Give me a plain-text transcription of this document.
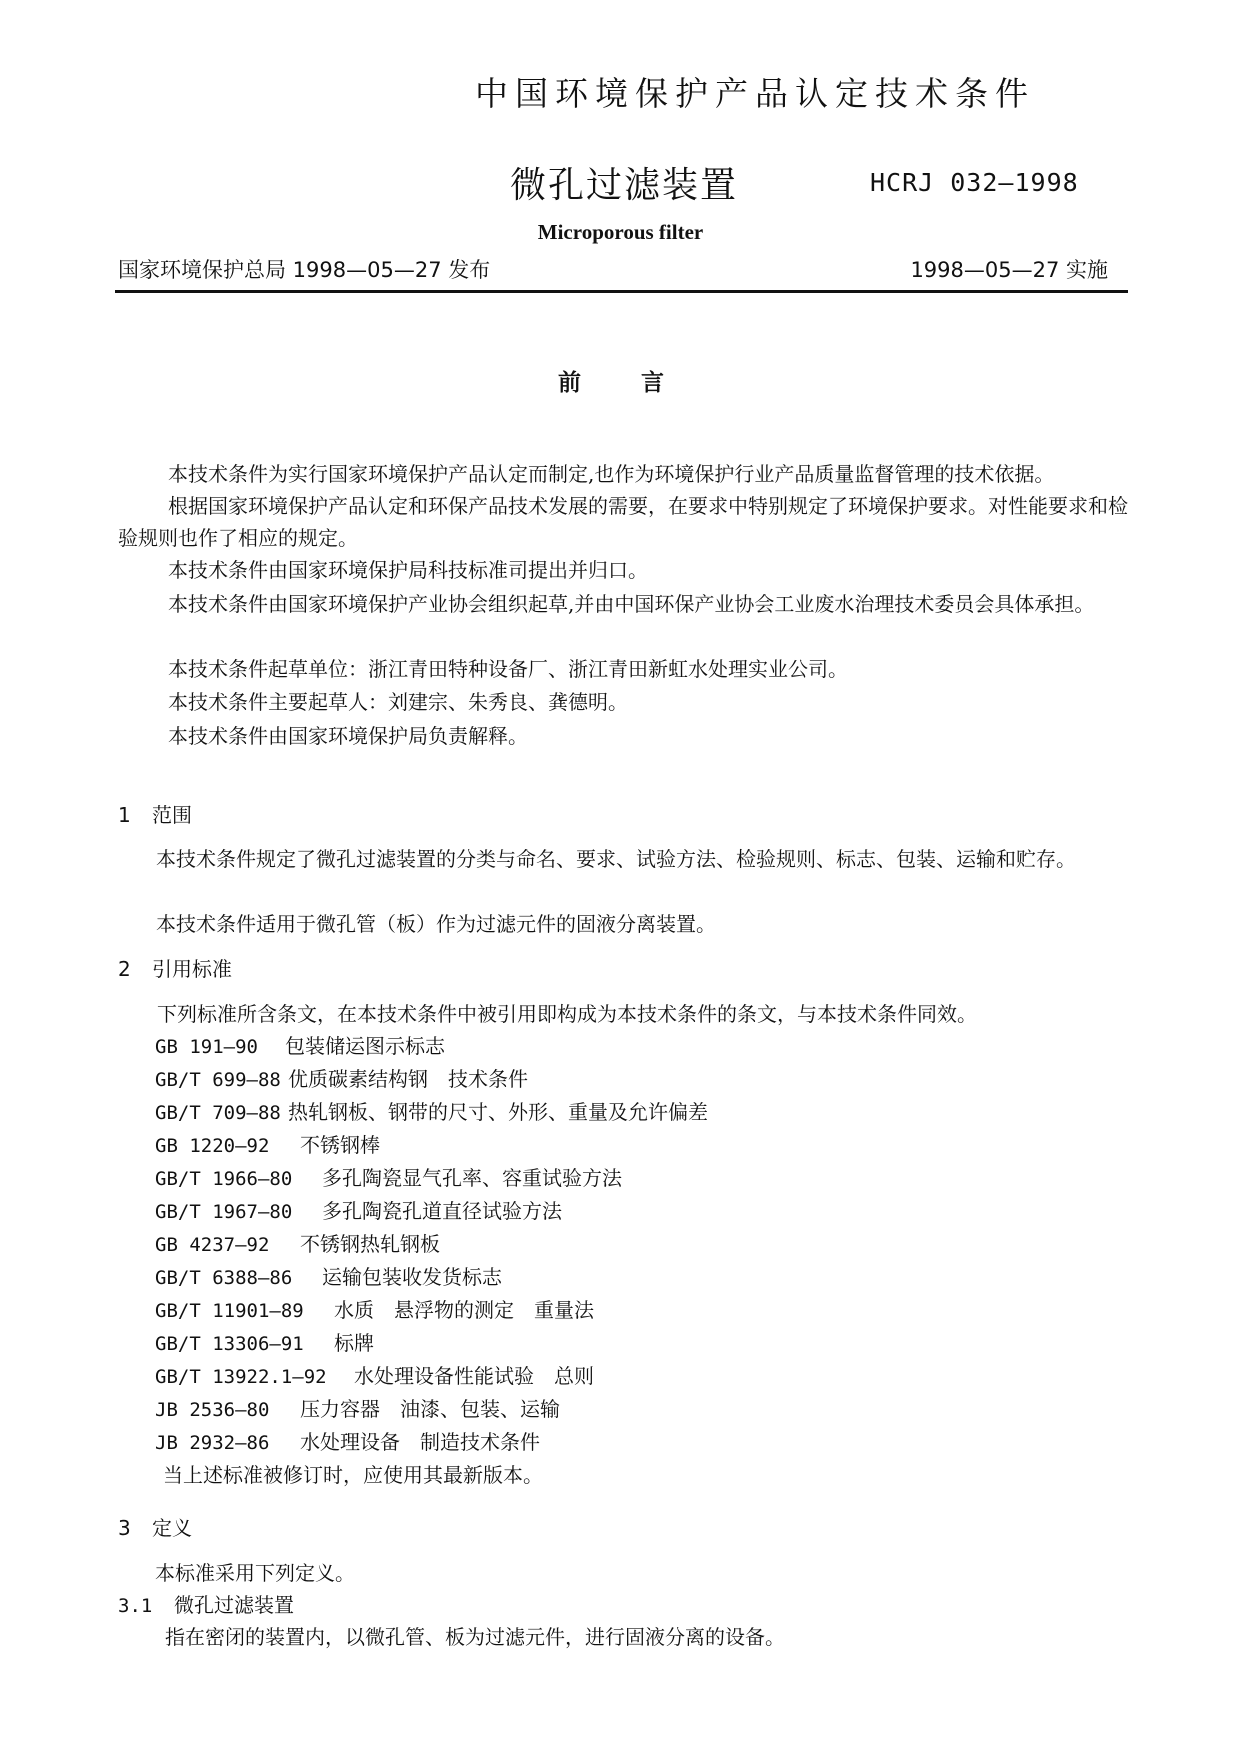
中国环境保护产品认定技术条件
微孔过滤装置	HCRJ 032—1998
Microporous filter
国家环境保护总局 1998—05—27 发布	1998—05—27 实施
前言

本技术条件为实行国家环境保护产品认定而制定,也作为环境保护行业产品质量监督管理的技术依据。

根据国家环境保护产品认定和环保产品技术发展的需要，在要求中特别规定了环境保护要求。对性能要求和检验规则也作了相应的规定。

本技术条件由国家环境保护局科技标准司提出并归口。

本技术条件由国家环境保护产业协会组织起草,并由中国环保产业协会工业废水治理技术委员会具体承担。

本技术条件起草单位：浙江青田特种设备厂、浙江青田新虹水处理实业公司。

本技术条件主要起草人：刘建宗、朱秀良、龚德明。

本技术条件由国家环境保护局负责解释。

1 范围

本技术条件规定了微孔过滤装置的分类与命名、要求、试验方法、检验规则、标志、包装、运输和贮存。

本技术条件适用于微孔管（板）作为过滤元件的固液分离装置。

2 引用标准
下列标准所含条文，在本技术条件中被引用即构成为本技术条件的条文，与本技术条件同效。
GB 191—90 包装储运图示标志
GB/T 699—88 优质碳素结构钢　技术条件
GB/T 709—88 热轧钢板、钢带的尺寸、外形、重量及允许偏差
GB 1220—92 不锈钢棒
GB/T 1966—80 多孔陶瓷显气孔率、容重试验方法
GB/T 1967—80 多孔陶瓷孔道直径试验方法
GB 4237—92 不锈钢热轧钢板
GB/T 6388—86 运输包装收发货标志
GB/T 11901—89 水质　悬浮物的测定　重量法
GB/T 13306—91 标牌
GB/T 13922.1—92 水处理设备性能试验　总则
JB 2536—80 压力容器　油漆、包装、运输
JB 2932—86 水处理设备　制造技术条件
当上述标准被修订时，应使用其最新版本。
3 定义
本标准采用下列定义。
3.1 微孔过滤装置
指在密闭的装置内，以微孔管、板为过滤元件，进行固液分离的设备。
